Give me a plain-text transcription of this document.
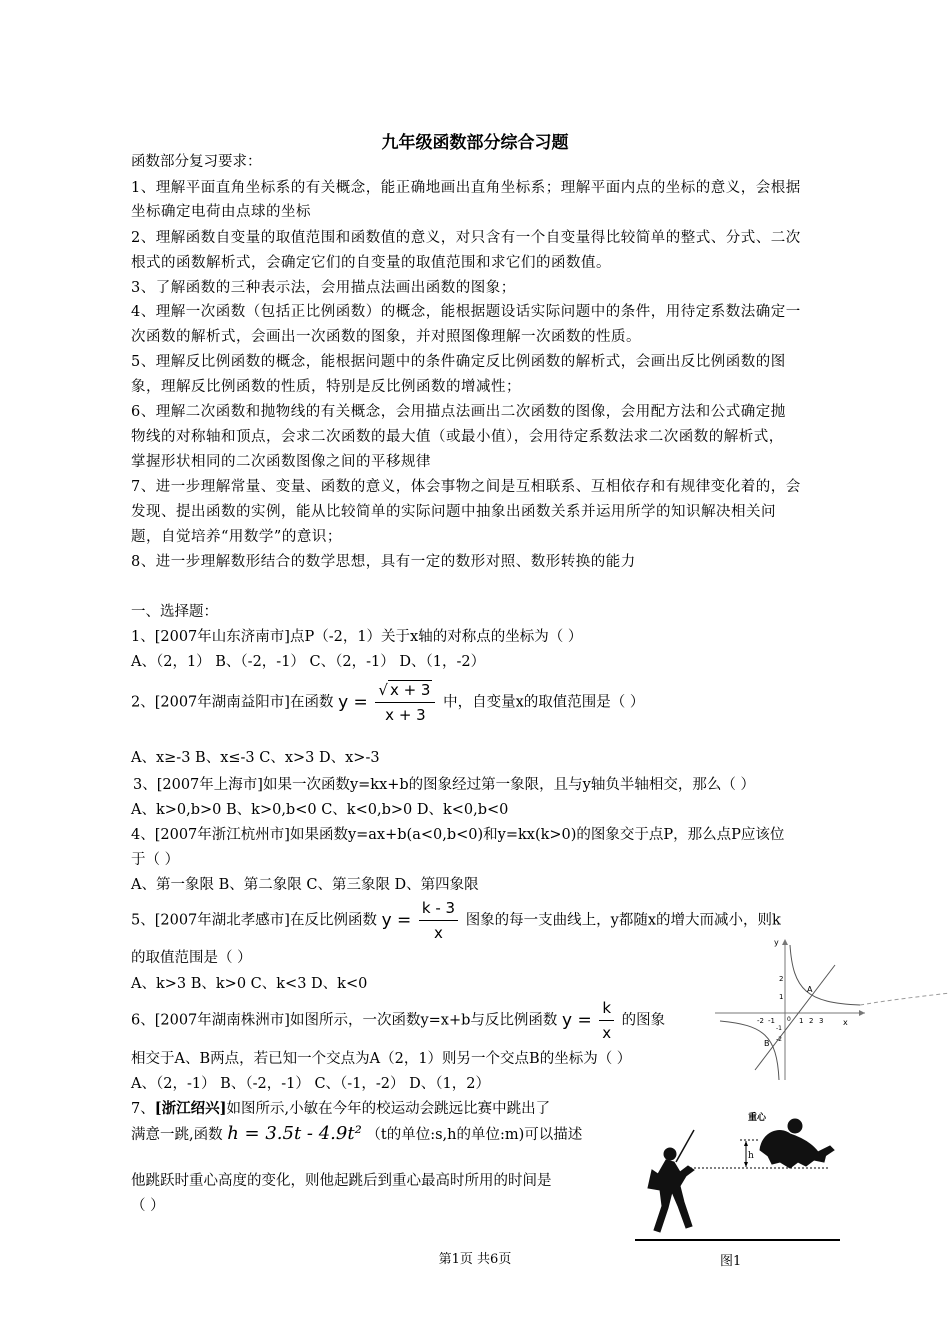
九年级函数部分综合习题
函数部分复习要求：
1、理解平面直角坐标系的有关概念，能正确地画出直角坐标系；理解平面内点的坐标的意义，会根据
坐标确定电荷由点球的坐标
2、理解函数自变量的取值范围和函数值的意义，对只含有一个自变量得比较简单的整式、分式、二次
根式的函数解析式，会确定它们的自变量的取值范围和求它们的函数值。
3、了解函数的三种表示法，会用描点法画出函数的图象；
4、理解一次函数（包括正比例函数）的概念，能根据题设话实际问题中的条件，用待定系数法确定一
次函数的解析式，会画出一次函数的图象，并对照图像理解一次函数的性质。
5、理解反比例函数的概念，能根据问题中的条件确定反比例函数的解析式，会画出反比例函数的图
象，理解反比例函数的性质，特别是反比例函数的增减性；
6、理解二次函数和抛物线的有关概念，会用描点法画出二次函数的图像，会用配方法和公式确定抛
物线的对称轴和顶点，会求二次函数的最大值（或最小值），会用待定系数法求二次函数的解析式，
掌握形状相同的二次函数图像之间的平移规律
7、进一步理解常量、变量、函数的意义，体会事物之间是互相联系、互相依存和有规律变化着的，会
发现、提出函数的实例，能从比较简单的实际问题中抽象出函数关系并运用所学的知识解决相关问
题，自觉培养“用数学”的意识；
8、进一步理解数形结合的数学思想，具有一定的数形对照、数形转换的能力
一、选择题：
1、[2007年山东济南市]点P（-2，1）关于x轴的对称点的坐标为（ ）
A、（2，1） B、（-2，-1） C、（2，-1） D、（1，-2）
2、[2007年湖南益阳市]在函数 $y = \frac{√ x + 3}{x + 3}$ 中，自变量x的取值范围是（ ）
A、x≥-3 B、x≤-3 C、x>3 D、x>-3
3、[2007年上海市]如果一次函数y=kx+b的图象经过第一象限，且与y轴负半轴相交，那么（ ）
A、k>0,b>0 B、k>0,b<0 C、k<0,b>0 D、k<0,b<0
4、[2007年浙江杭州市]如果函数y=ax+b(a<0,b<0)和y=kx(k>0)的图象交于点P，那么点P应该位
于（ ）
A、第一象限 B、第二象限 C、第三象限 D、第四象限
5、[2007年湖北孝感市]在反比例函数 $y = \frac{k - 3}{x}$ 图象的每一支曲线上，y都随x的增大而减小，则k
的取值范围是（ ）
A、k>3 B、k>0 C、k<3 D、k<0
6、[2007年湖南株洲市]如图所示，一次函数y=x+b与反比例函数 $y = \frac{k}{x}$ 的图象
相交于A、B两点，若已知一个交点为A（2，1）则另一个交点B的坐标为（ ）
A、（2，-1） B、（-2，-1） C、（-1，-2） D、（1，2）
7、[浙江绍兴]如图所示,小敏在今年的校运动会跳远比赛中跳出了
满意一跳,函数 h = 3.5t - 4.9t² （t的单位:s,h的单位:m)可以描述
他跳跃时重心高度的变化，则他起跳后到重心最高时所用的时间是
（ ）
y
x
A
B
0
2
1
-1
-2
-2 -1	1 2 3
h
重心
图1
第1页 共6页
